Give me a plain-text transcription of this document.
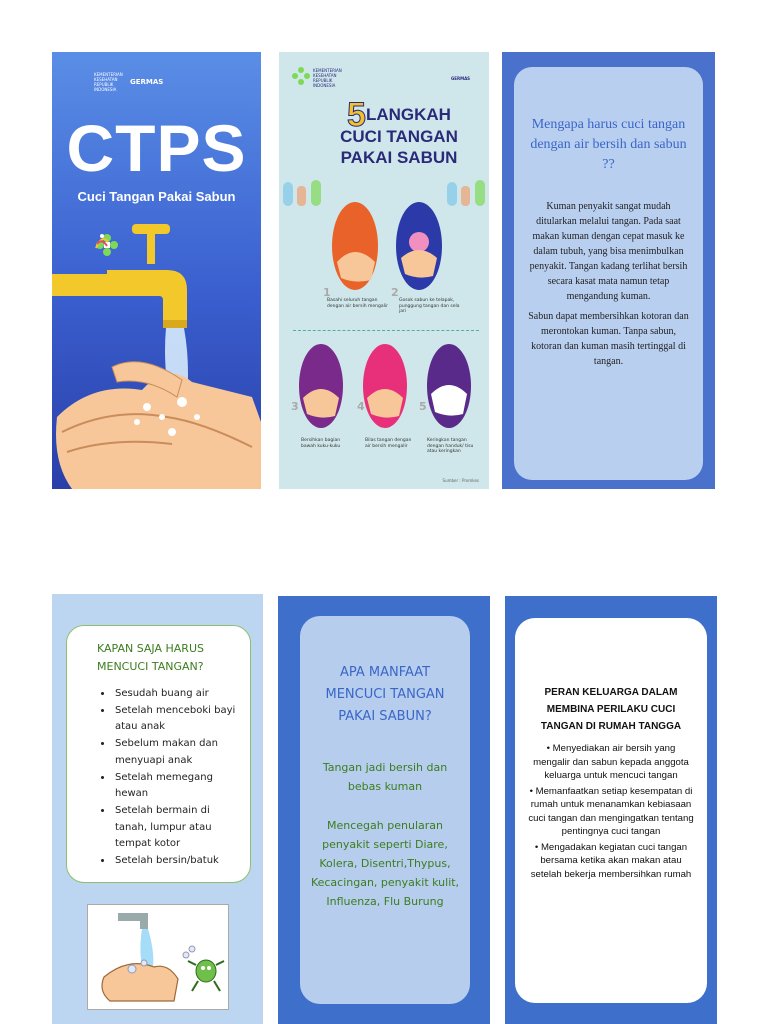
KEMENTERIAN KESEHATAN REPUBLIK INDONESIA
GERMAS
CTPS
Cuci Tangan Pakai Sabun
KEMENTERIAN KESEHATAN REPUBLIK INDONESIA
GERMAS
5LANGKAH
CUCI TANGAN
PAKAI SABUN
Basahi seluruh tangan dengan air bersih mengalir
Gosok sabun ke telapak, punggung tangan dan sela jari
Bersihkan bagian bawah kuku-kuku
Bilas tangan dengan air bersih mengalir
Keringkan tangan dengan handuk/ tisu atau keringkan
1	2
3	4	5
Sumber : Promkes
Mengapa harus cuci tangan dengan air bersih dan sabun ??
Kuman penyakit sangat mudah ditularkan melalui tangan. Pada saat makan kuman dengan cepat masuk ke dalam tubuh, yang bisa menimbulkan penyakit. Tangan kadang terlihat bersih secara kasat mata namun tetap mengandung kuman.
Sabun dapat membersihkan kotoran dan merontokan kuman. Tanpa sabun, kotoran dan kuman masih tertinggal di tangan.
KAPAN SAJA HARUS MENCUCI TANGAN?
• Sesudah buang air
• Setelah menceboki bayi atau anak
• Sebelum makan dan menyuapi anak
• Setelah memegang hewan
• Setelah bermain di tanah, lumpur atau tempat kotor
• Setelah bersin/batuk
APA MANFAAT MENCUCI TANGAN PAKAI SABUN?
Tangan jadi bersih dan bebas kuman
Mencegah penularan penyakit seperti Diare, Kolera, Disentri,Thypus, Kecacingan, penyakit kulit, Influenza, Flu Burung
PERAN KELUARGA DALAM MEMBINA PERILAKU CUCI TANGAN DI RUMAH TANGGA
• Menyediakan air bersih yang mengalir dan sabun kepada anggota keluarga untuk mencuci tangan
• Memanfaatkan setiap kesempatan di rumah untuk menanamkan kebiasaan cuci tangan dan mengingatkan tentang pentingnya cuci tangan
• Mengadakan kegiatan cuci tangan bersama ketika akan makan atau setelah bekerja membersihkan rumah
